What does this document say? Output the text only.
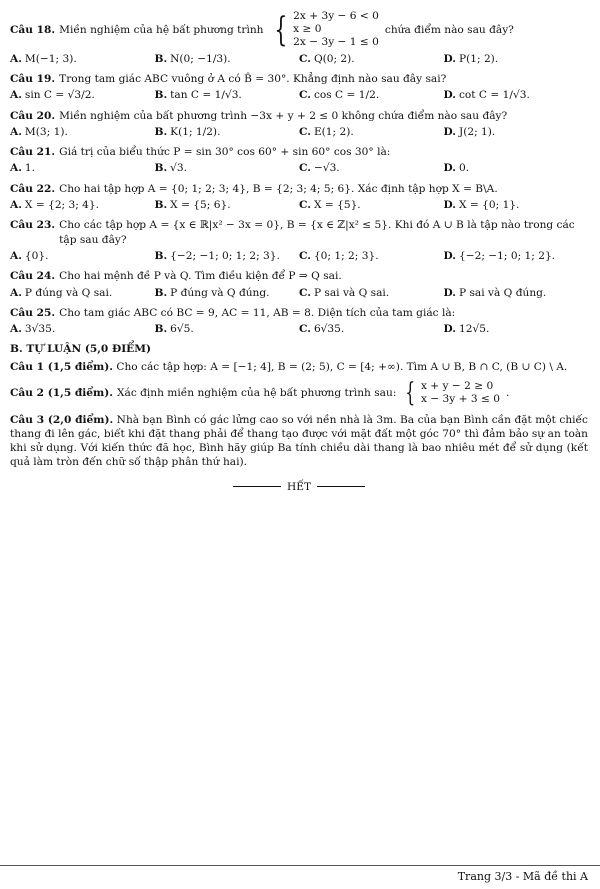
Câu 18. Miền nghiệm của hệ bất phương trình { 2x + 3y − 6 < 0
x ≥ 0
2x − 3y − 1 ≤ 0
chứa điểm nào sau đây?
A. M(−1; 3).	B. N(0; −1/3).	C. Q(0; 2).	D. P(1; 2).
Câu 19. Trong tam giác ABC vuông ở A có B̂ = 30°. Khẳng định nào sau đây sai?
A. sin C = √3/2.	B. tan C = 1/√3.	C. cos C = 1/2.	D. cot C = 1/√3.
Câu 20. Miền nghiệm của bất phương trình −3x + y + 2 ≤ 0 không chứa điểm nào sau đây?
A. M(3; 1).	B. K(1; 1/2).	C. E(1; 2).	D. J(2; 1).
Câu 21. Giá trị của biểu thức P = sin 30° cos 60° + sin 60° cos 30° là:
A. 1.	B. √3.	C. −√3.	D. 0.
Câu 22. Cho hai tập hợp A = {0; 1; 2; 3; 4}, B = {2; 3; 4; 5; 6}. Xác định tập hợp X = B\A.
A. X = {2; 3; 4}.	B. X = {5; 6}.	C. X = {5}.	D. X = {0; 1}.
Câu 23. Cho các tập hợp A = {x ∈ ℝ|x² − 3x = 0}, B = {x ∈ ℤ|x² ≤ 5}. Khi đó A ∪ B là tập nào trong các tập sau đây?
A. {0}.	B. {−2; −1; 0; 1; 2; 3}.	C. {0; 1; 2; 3}.	D. {−2; −1; 0; 1; 2}.
Câu 24. Cho hai mệnh đề P và Q. Tìm điều kiện để P ⇒ Q sai.
A. P đúng và Q sai.	B. P đúng và Q đúng.	C. P sai và Q sai.	D. P sai và Q đúng.
Câu 25. Cho tam giác ABC có BC = 9, AC = 11, AB = 8. Diện tích của tam giác là:
A. 3√35.	B. 6√5.	C. 6√35.	D. 12√5.
B. TỰ LUẬN (5,0 ĐIỂM)
Câu 1 (1,5 điểm). Cho các tập hợp: A = [−1; 4], B = (2; 5), C = [4; +∞). Tìm A ∪ B, B ∩ C, (B ∪ C) \ A.
Câu 2 (1,5 điểm). Xác định miền nghiệm của hệ bất phương trình sau: { x + y − 2 ≥ 0
x − 3y + 3 ≤ 0
.
Câu 3 (2,0 điểm). Nhà bạn Bình có gác lửng cao so với nền nhà là 3m. Ba của bạn Bình cần đặt một chiếc thang đi lên gác, biết khi đặt thang phải để thang tạo được với mặt đất một góc 70° thì đảm bảo sự an toàn khi sử dụng. Với kiến thức đã học, Bình hãy giúp Ba tính chiều dài thang là bao nhiêu mét để sử dụng (kết quả làm tròn đến chữ số thập phân thứ hai).
HẾT
Trang 3/3 - Mã đề thi A
